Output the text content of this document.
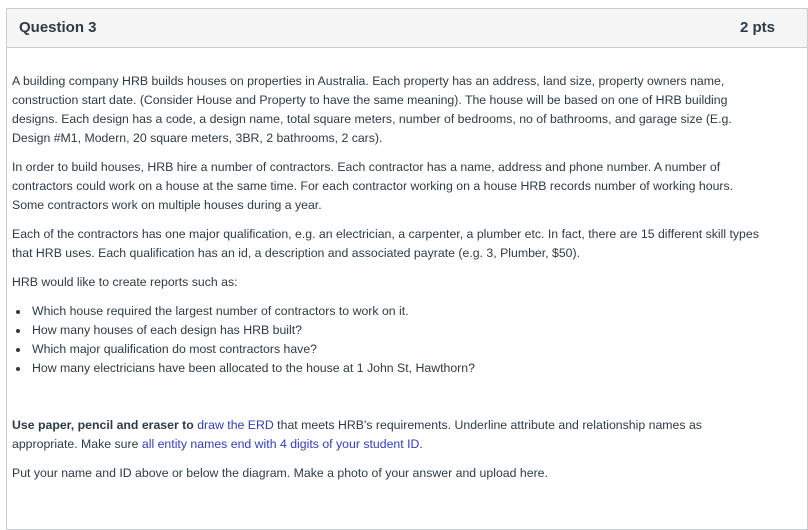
Question 3	2 pts

A building company HRB builds houses on properties in Australia. Each property has an address, land size, property owners name, construction start date. (Consider House and Property to have the same meaning). The house will be based on one of HRB building designs. Each design has a code, a design name, total square meters, number of bedrooms, no of bathrooms, and garage size (E.g. Design #M1, Modern, 20 square meters, 3BR, 2 bathrooms, 2 cars).

In order to build houses, HRB hire a number of contractors. Each contractor has a name, address and phone number. A number of contractors could work on a house at the same time. For each contractor working on a house HRB records number of working hours. Some contractors work on multiple houses during a year.

Each of the contractors has one major qualification, e.g. an electrician, a carpenter, a plumber etc. In fact, there are 15 different skill types that HRB uses. Each qualification has an id, a description and associated payrate (e.g. 3, Plumber, $50).

HRB would like to create reports such as:

• Which house required the largest number of contractors to work on it.
• How many houses of each design has HRB built?
• Which major qualification do most contractors have?
• How many electricians have been allocated to the house at 1 John St, Hawthorn?

Use paper, pencil and eraser to draw the ERD that meets HRB's requirements. Underline attribute and relationship names as appropriate. Make sure all entity names end with 4 digits of your student ID.

Put your name and ID above or below the diagram. Make a photo of your answer and upload here.
